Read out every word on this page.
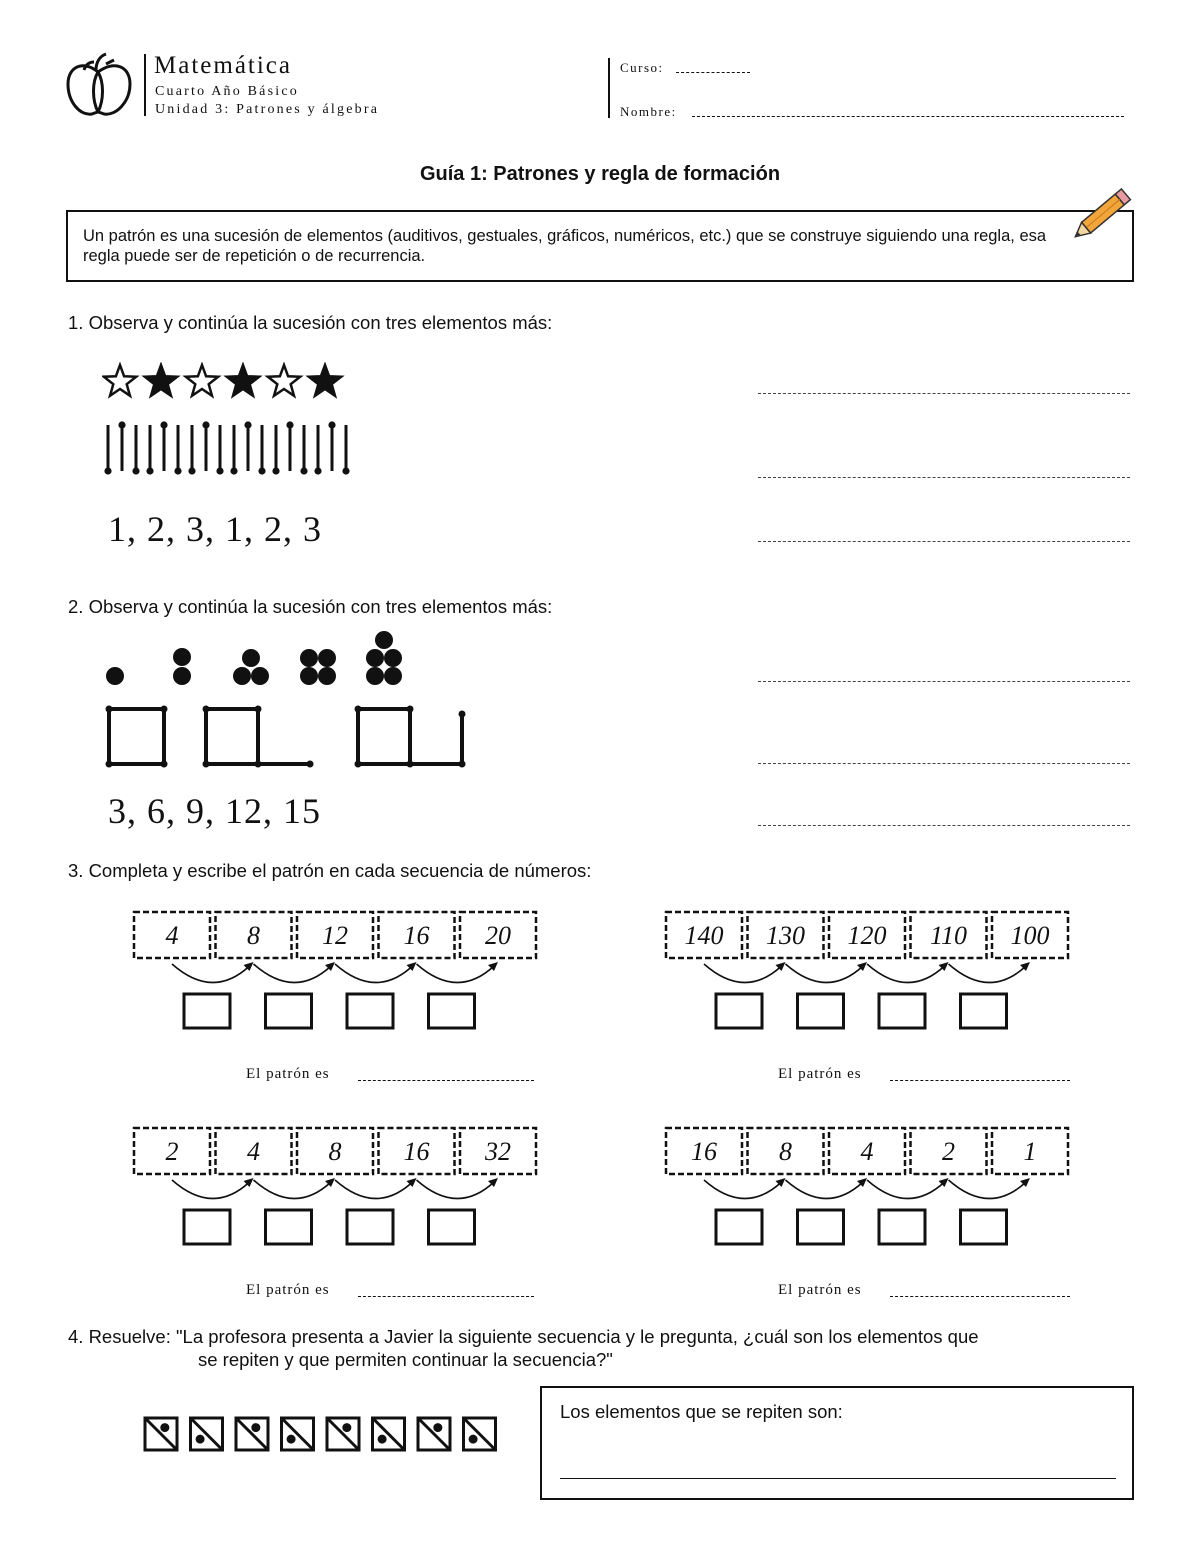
Matemática
Cuarto Año Básico
Unidad 3: Patrones y álgebra
Curso:
Nombre:
Guía 1: Patrones y regla de formación
Un patrón es una sucesión de elementos (auditivos, gestuales, gráficos, numéricos, etc.) que se construye siguiendo una regla, esa regla puede ser de repetición o de recurrencia.
1. Observa y continúa la sucesión con tres elementos más:
1, 2, 3, 1, 2, 3
2. Observa y continúa la sucesión con tres elementos más:
3, 6, 9, 12, 15
3. Completa y escribe el patrón en cada secuencia de números:
4	8 12 16 20
El patrón es
140 130 120 110 100
El patrón es
2	4	8 16 32
El patrón es
16 8	4	2	1
El patrón es
4. Resuelve: "La profesora presenta a Javier la siguiente secuencia y le pregunta, ¿cuál son los elementos que
se repiten y que permiten continuar la secuencia?"
Los elementos que se repiten son:
